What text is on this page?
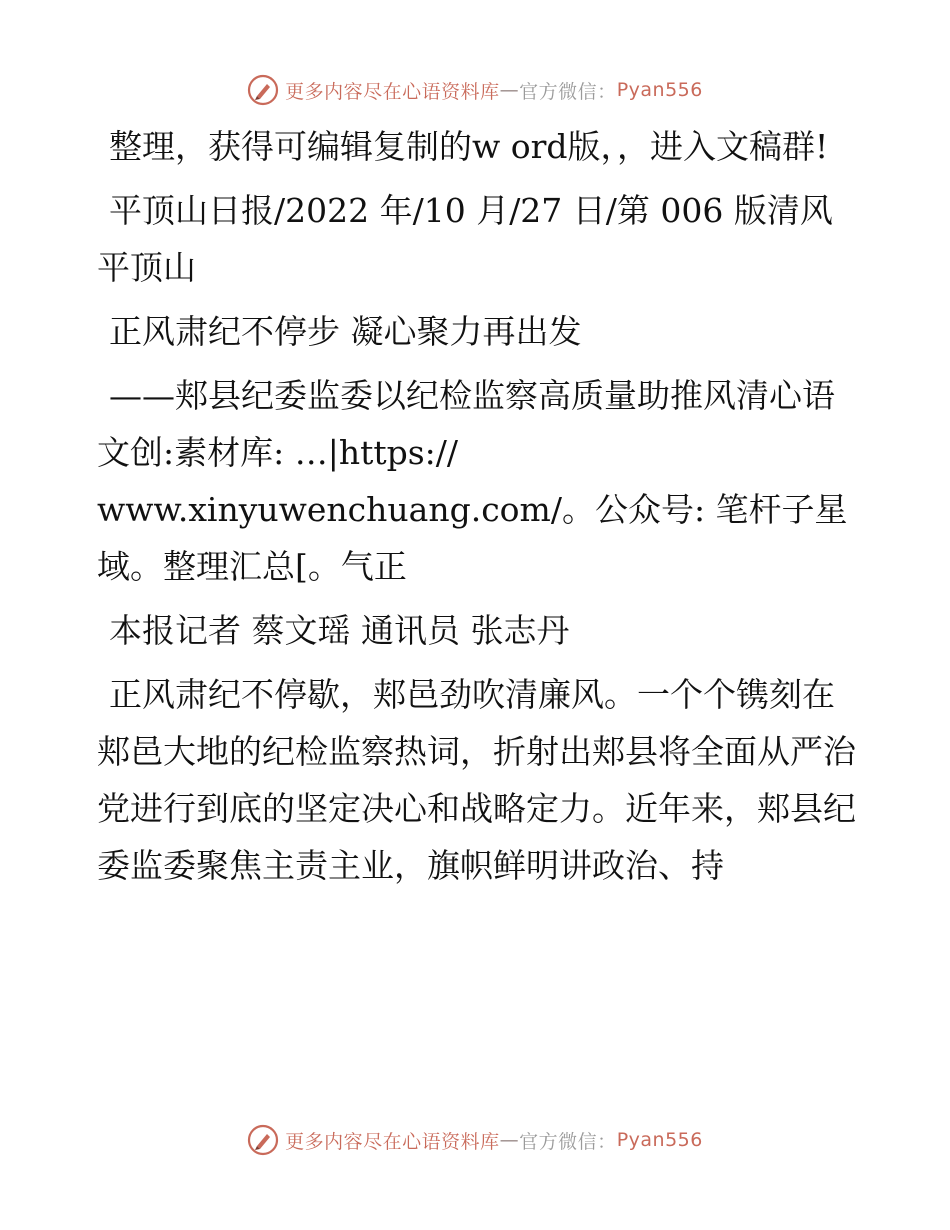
更多内容尽在心语资料库 — 官方微信： Pyan556

整理，获得可编辑复制的w ord版，，进入文稿群!

平顶山日报/2022 年/10 月/27 日/第 006 版清风平顶山

正风肃纪不停步 凝心聚力再出发

——郏县纪委监委以纪检监察高质量助推风清心语文创:素材库: …|https://
www.xinyuwenchuang.com/。公众号: 笔杆子星域。整理汇总[。气正

本报记者 蔡文瑶 通讯员 张志丹

正风肃纪不停歇，郏邑劲吹清廉风。一个个镌刻在郏邑大地的纪检监察热词，折射出郏县将全面从严治党进行到底的坚定决心和战略定力。近年来，郏县纪委监委聚焦主责主业，旗帜鲜明讲政治、持

更多内容尽在心语资料库 — 官方微信： Pyan556
